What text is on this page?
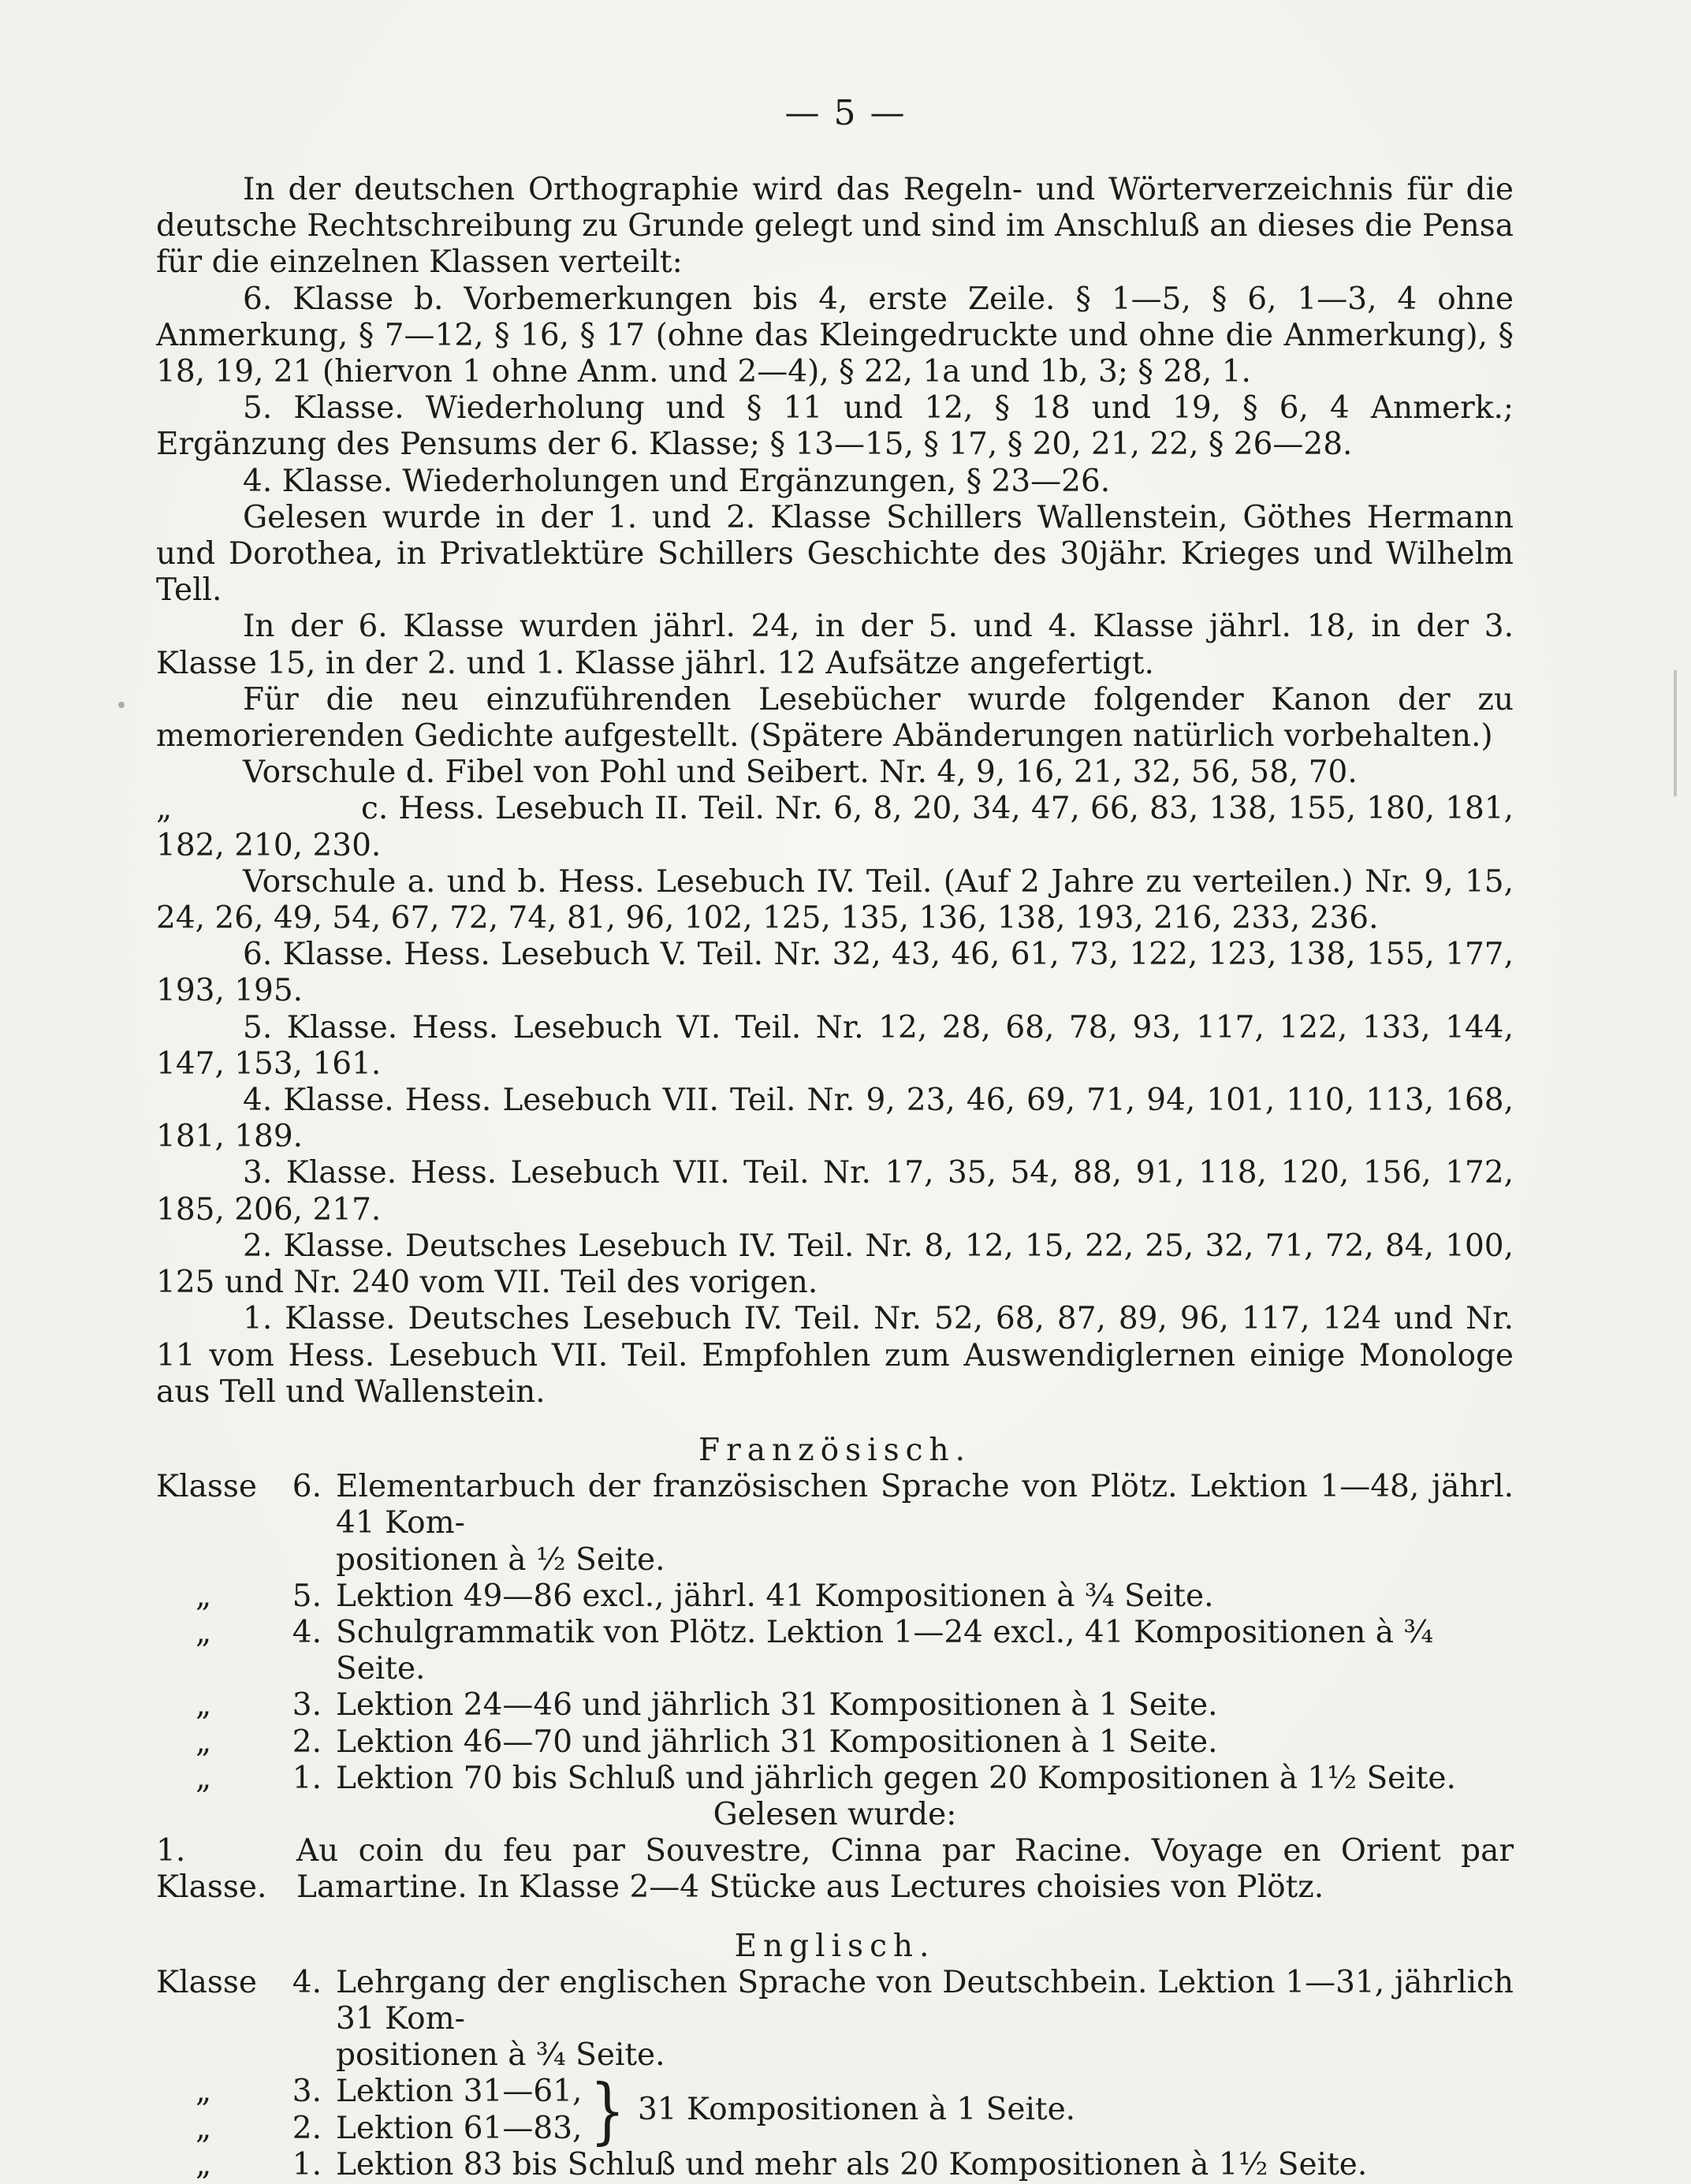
— 5 —

In der deutschen Orthographie wird das Regeln- und Wörterverzeichnis für die deutsche Rechtschreibung zu Grunde gelegt und sind im Anschluß an dieses die Pensa für die einzelnen Klassen verteilt:

6. Klasse b. Vorbemerkungen bis 4, erste Zeile. § 1—5, § 6, 1—3, 4 ohne Anmerkung, § 7—12, § 16, § 17 (ohne das Kleingedruckte und ohne die Anmerkung), § 18, 19, 21 (hiervon 1 ohne Anm. und 2—4), § 22, 1a und 1b, 3; § 28, 1.

5. Klasse. Wiederholung und § 11 und 12, § 18 und 19, § 6, 4 Anmerk.; Ergänzung des Pensums der 6. Klasse; § 13—15, § 17, § 20, 21, 22, § 26—28.

4. Klasse. Wiederholungen und Ergänzungen, § 23—26.

Gelesen wurde in der 1. und 2. Klasse Schillers Wallenstein, Göthes Hermann und Dorothea, in Privatlektüre Schillers Geschichte des 30jähr. Krieges und Wilhelm Tell.

In der 6. Klasse wurden jährl. 24, in der 5. und 4. Klasse jährl. 18, in der 3. Klasse 15, in der 2. und 1. Klasse jährl. 12 Aufsätze angefertigt.

Für die neu einzuführenden Lesebücher wurde folgender Kanon der zu memorierenden Gedichte aufgestellt. (Spätere Abänderungen natürlich vorbehalten.)

Vorschule d. Fibel von Pohl und Seibert. Nr. 4, 9, 16, 21, 32, 56, 58, 70.

„	c. Hess. Lesebuch II. Teil. Nr. 6, 8, 20, 34, 47, 66, 83, 138, 155, 180, 181, 182, 210, 230.

Vorschule a. und b. Hess. Lesebuch IV. Teil. (Auf 2 Jahre zu verteilen.) Nr. 9, 15, 24, 26, 49, 54, 67, 72, 74, 81, 96, 102, 125, 135, 136, 138, 193, 216, 233, 236.

6. Klasse. Hess. Lesebuch V. Teil. Nr. 32, 43, 46, 61, 73, 122, 123, 138, 155, 177, 193, 195.

5. Klasse. Hess. Lesebuch VI. Teil. Nr. 12, 28, 68, 78, 93, 117, 122, 133, 144, 147, 153, 161.

4. Klasse. Hess. Lesebuch VII. Teil. Nr. 9, 23, 46, 69, 71, 94, 101, 110, 113, 168, 181, 189.

3. Klasse. Hess. Lesebuch VII. Teil. Nr. 17, 35, 54, 88, 91, 118, 120, 156, 172, 185, 206, 217.

2. Klasse. Deutsches Lesebuch IV. Teil. Nr. 8, 12, 15, 22, 25, 32, 71, 72, 84, 100, 125 und Nr. 240 vom VII. Teil des vorigen.

1. Klasse. Deutsches Lesebuch IV. Teil. Nr. 52, 68, 87, 89, 96, 117, 124 und Nr. 11 vom Hess. Lesebuch VII. Teil. Empfohlen zum Auswendiglernen einige Monologe aus Tell und Wallenstein.

Französisch.

Klasse	6. Elementarbuch der französischen Sprache von Plötz. Lektion 1—48, jährl. 41 Kom-

positionen à ½ Seite.

„	5. Lektion 49—86 excl., jährl. 41 Kompositionen à ¾ Seite.
„	4. Schulgrammatik von Plötz. Lektion 1—24 excl., 41 Kompositionen à ¾ Seite.
„	3. Lektion 24—46 und jährlich 31 Kompositionen à 1 Seite.
„	2. Lektion 46—70 und jährlich 31 Kompositionen à 1 Seite.
„	1. Lektion 70 bis Schluß und jährlich gegen 20 Kompositionen à 1½ Seite.

Gelesen wurde:

1. Klasse.
Au coin du feu par Souvestre, Cinna par Racine. Voyage en Orient par Lamartine. In Klasse 2—4 Stücke aus Lectures choisies von Plötz.

Englisch.

Klasse	4. Lehrgang der englischen Sprache von Deutschbein. Lektion 1—31, jährlich 31 Kom-

positionen à ¾ Seite.

„	3. Lektion 31—61,
„	2. Lektion 61—83, } 31 Kompositionen à 1 Seite.
„	1. Lektion 83 bis Schluß und mehr als 20 Kompositionen à 1½ Seite.
